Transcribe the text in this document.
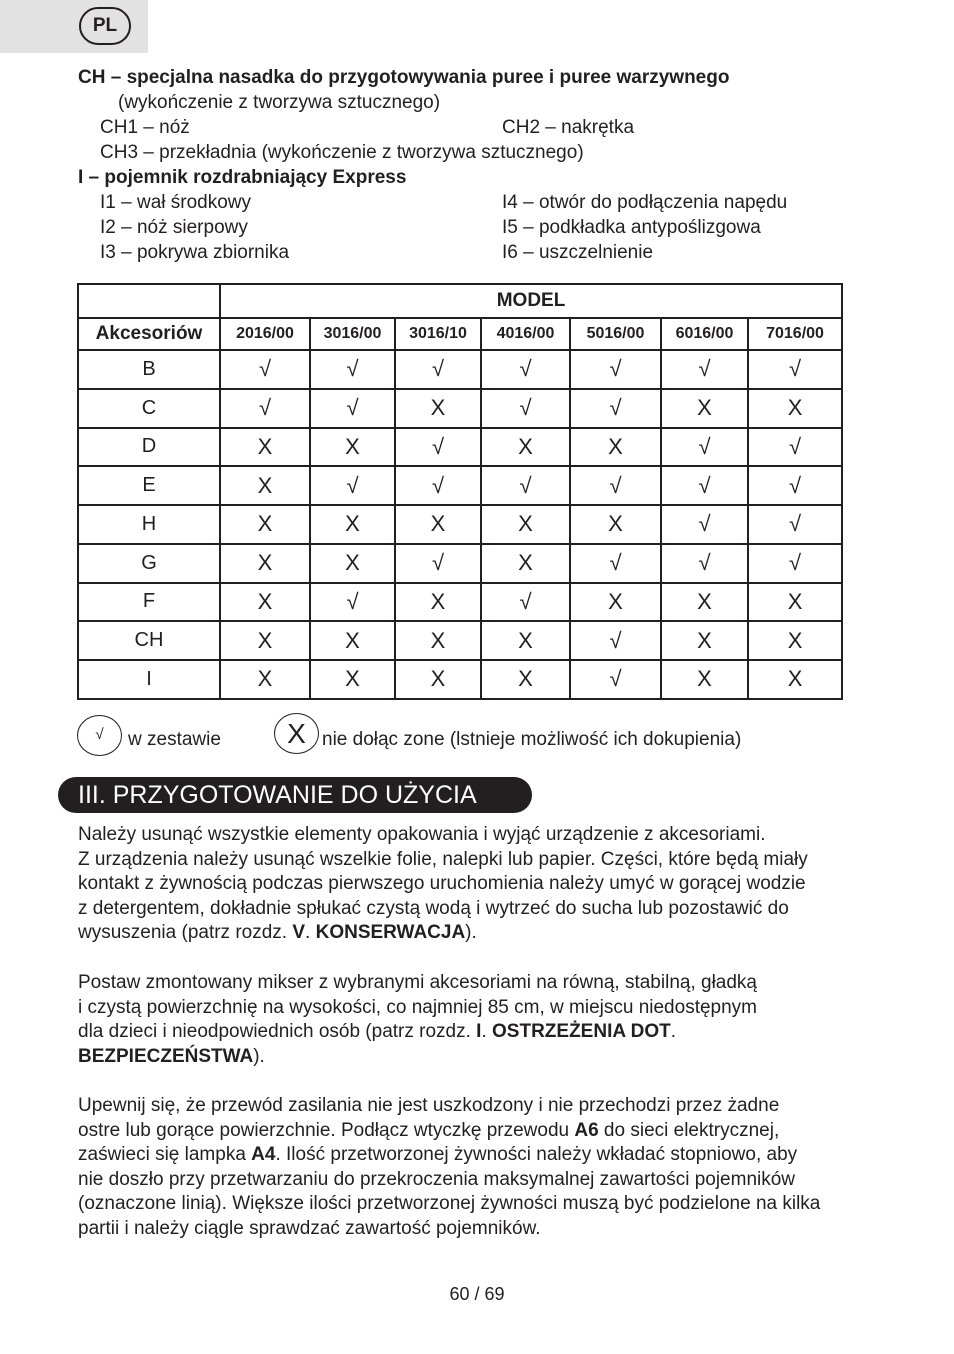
PL
CH – specjalna nasadka do przygotowywania puree i puree warzywnego
(wykończenie z tworzywa sztucznego)
CH1 – nóż	CH2 – nakrętka
CH3 – przekładnia (wykończenie z tworzywa sztucznego)
I – pojemnik rozdrabniający Express
I1 – wał środkowy	I4 – otwór do podłączenia napędu
I2 – nóż sierpowy	I5 – podkładka antypoślizgowa
I3 – pokrywa zbiornika	I6 – uszczelnienie
	MODEL						
Akcesoriów	2016/00	3016/00	3016/10	4016/00	5016/00	6016/00	7016/00
B	√	√	√	√	√	√	√
C	√	√	X	√	√	X	X
D	X	X	√	X	X	√	√
E	X	√	√	√	√	√	√
H	X	X	X	X	X	√	√
G	X	X	√	X	√	√	√
F	X	√	X	√	X	X	X
CH	X	X	X	X	√	X	X
I	X	X	X	X	√	X	X
√	w zestawie	X nie dołąc zone (lstnieje możliwość ich dokupienia)
III. PRZYGOTOWANIE DO UŻYCIA
Należy usunąć wszystkie elementy opakowania i wyjąć urządzenie z akcesoriami.
Z urządzenia należy usunąć wszelkie folie, nalepki lub papier. Części, które będą miały
kontakt z żywnością podczas pierwszego uruchomienia należy umyć w gorącej wodzie
z detergentem, dokładnie spłukać czystą wodą i wytrzeć do sucha lub pozostawić do
wysuszenia (patrz rozdz. V. KONSERWACJA).
Postaw zmontowany mikser z wybranymi akcesoriami na równą, stabilną, gładką
i czystą powierzchnię na wysokości, co najmniej 85 cm, w miejscu niedostępnym
dla dzieci i nieodpowiednich osób (patrz rozdz. I. OSTRZEŻENIA DOT.
BEZPIECZEŃSTWA).
Upewnij się, że przewód zasilania nie jest uszkodzony i nie przechodzi przez żadne
ostre lub gorące powierzchnie. Podłącz wtyczkę przewodu A6 do sieci elektrycznej,
zaświeci się lampka A4. Ilość przetworzonej żywności należy wkładać stopniowo, aby
nie doszło przy przetwarzaniu do przekroczenia maksymalnej zawartości pojemników
(oznaczone linią). Większe ilości przetworzonej żywności muszą być podzielone na kilka
partii i należy ciągle sprawdzać zawartość pojemników.
60 / 69
